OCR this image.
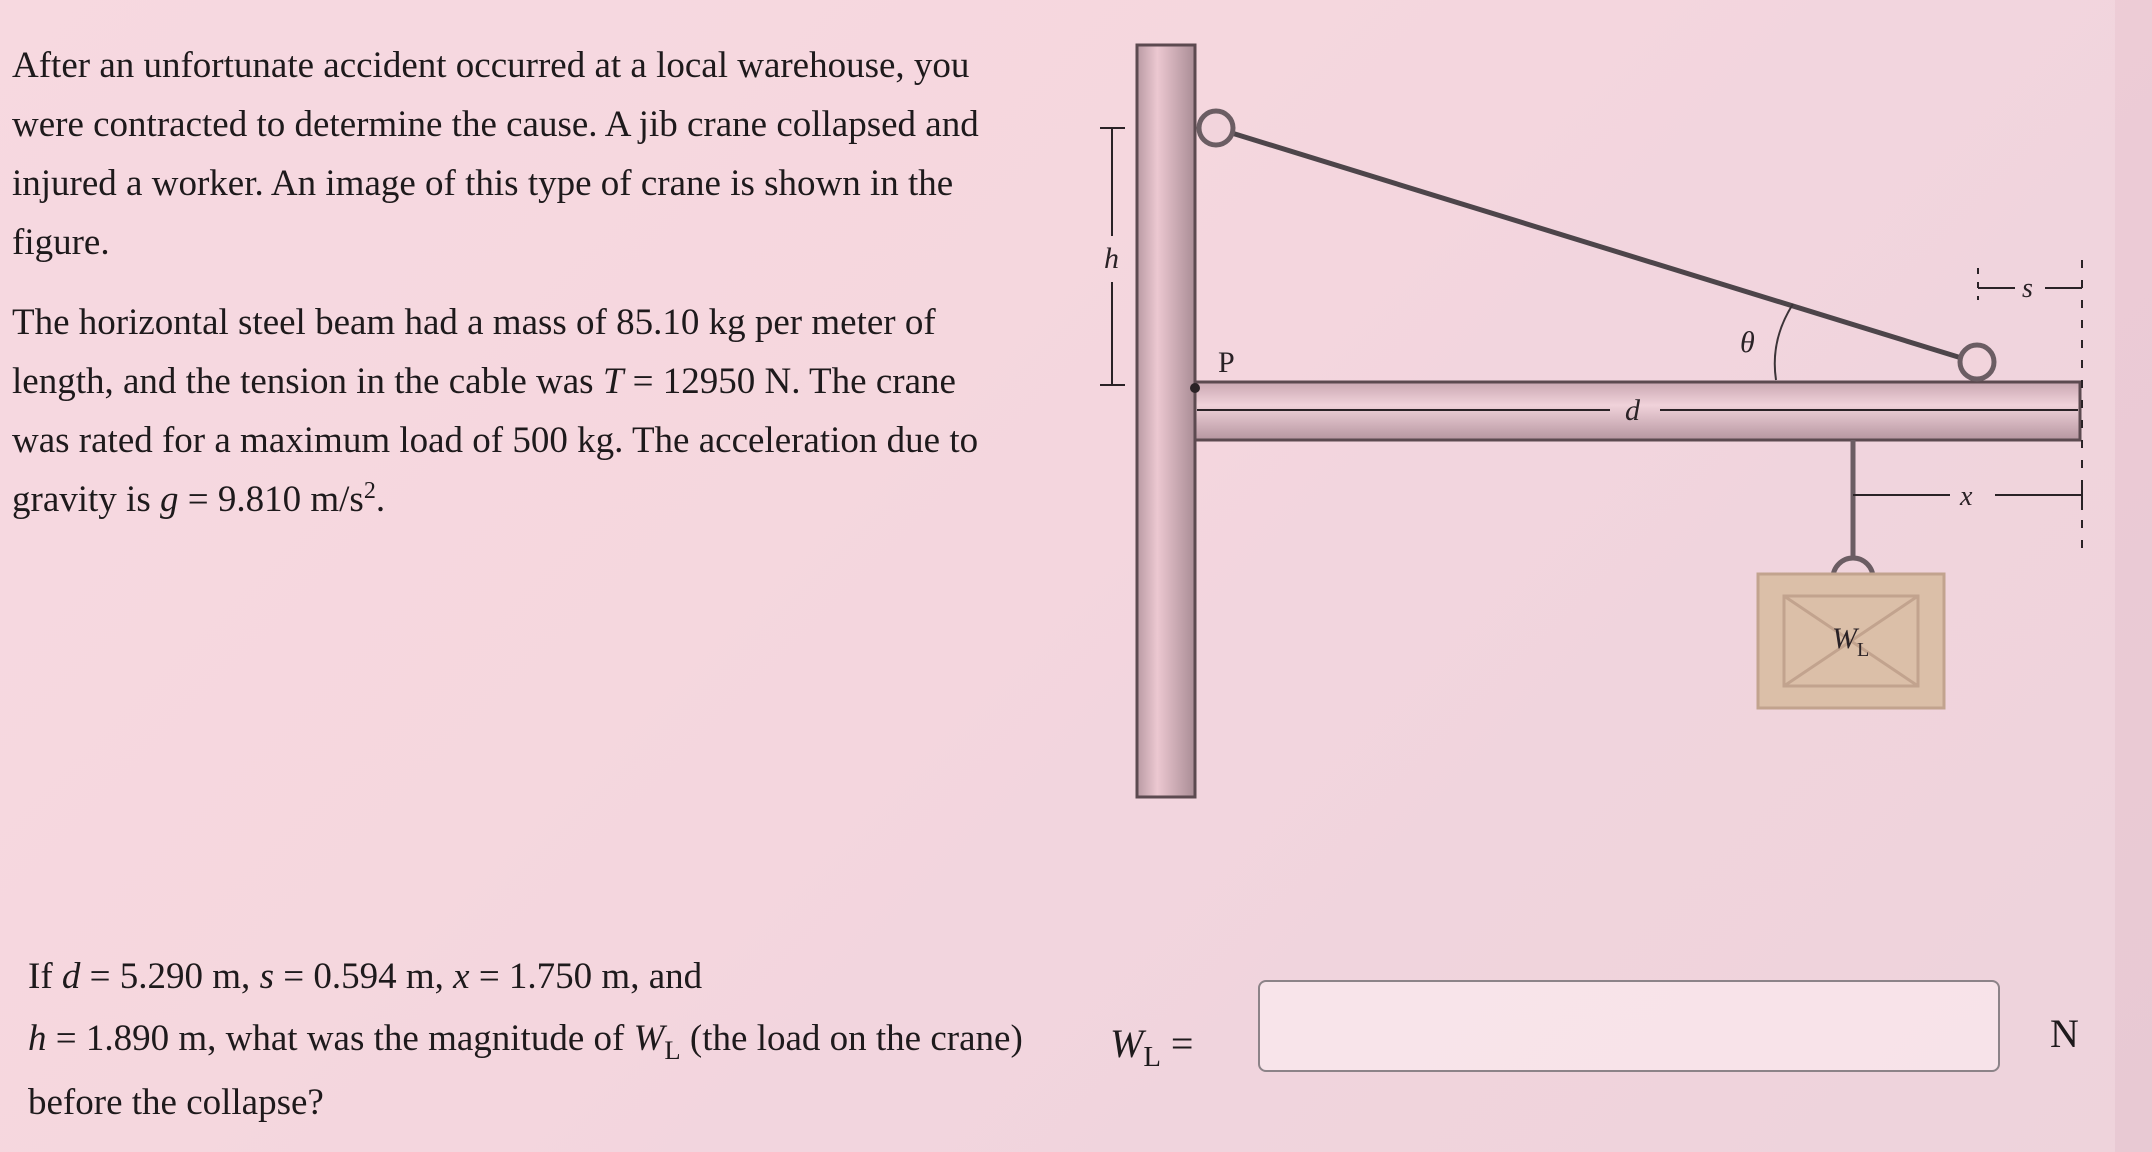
After an unfortunate accident occurred at a local warehouse, you were contracted to determine the cause. A jib crane collapsed and injured a worker. An image of this type of crane is shown in the figure.

The horizontal steel beam had a mass of 85.10 kg per meter of length, and the tension in the cable was T = 12950 N. The crane was rated for a maximum load of 500 kg. The acceleration due to gravity is g = 9.810 $m/s^2$.

If d = 5.290 m, s = 0.594 m, x = 1.750 m, and
h = 1.890 m, what was the magnitude of $W_L$ (the load on the crane) before the collapse?

P
h
θ
d
s
x
$W_L$
$W_L$ =	N
